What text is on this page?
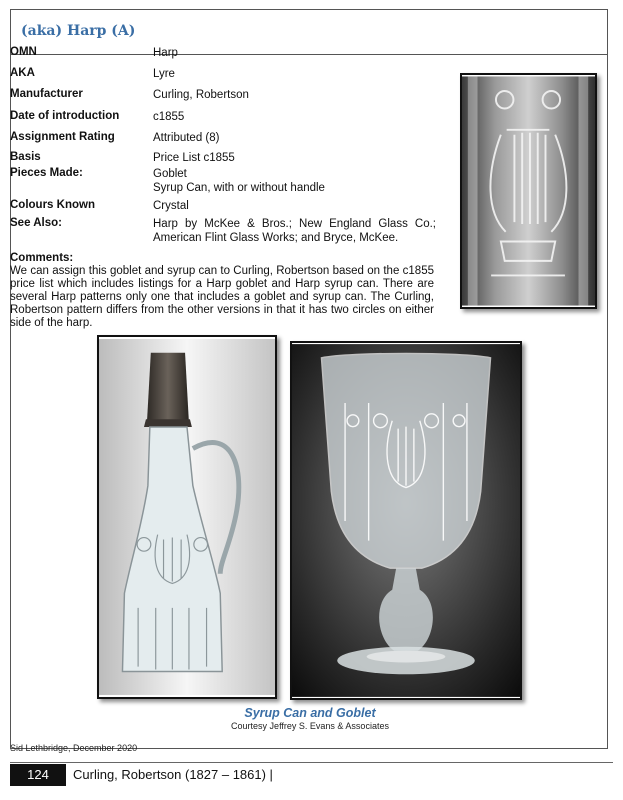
(aka) Harp (A)
OMN	Harp
AKA	Lyre
Manufacturer	Curling, Robertson
Date of introduction	c1855
Assignment Rating	Attributed (8)
Basis	Price List c1855
Pieces Made:	Goblet
Syrup Can, with or without handle
Colours Known	Crystal
See Also:	Harp by McKee & Bros.; New England Glass Co.; American Flint Glass Works; and Bryce, McKee.
Comments:
We can assign this goblet and syrup can to Curling, Robertson based on the c1855 price list which includes listings for a Harp goblet and Harp syrup can. There are several Harp patterns only one that includes a goblet and syrup can. The Curling, Robertson pattern differs from the other versions in that it has two circles on either side of the harp.
Syrup Can and Goblet
Courtesy Jeffrey S. Evans & Associates
Sid Lethbridge, December 2020
124	Curling, Robertson (1827 – 1861) |
